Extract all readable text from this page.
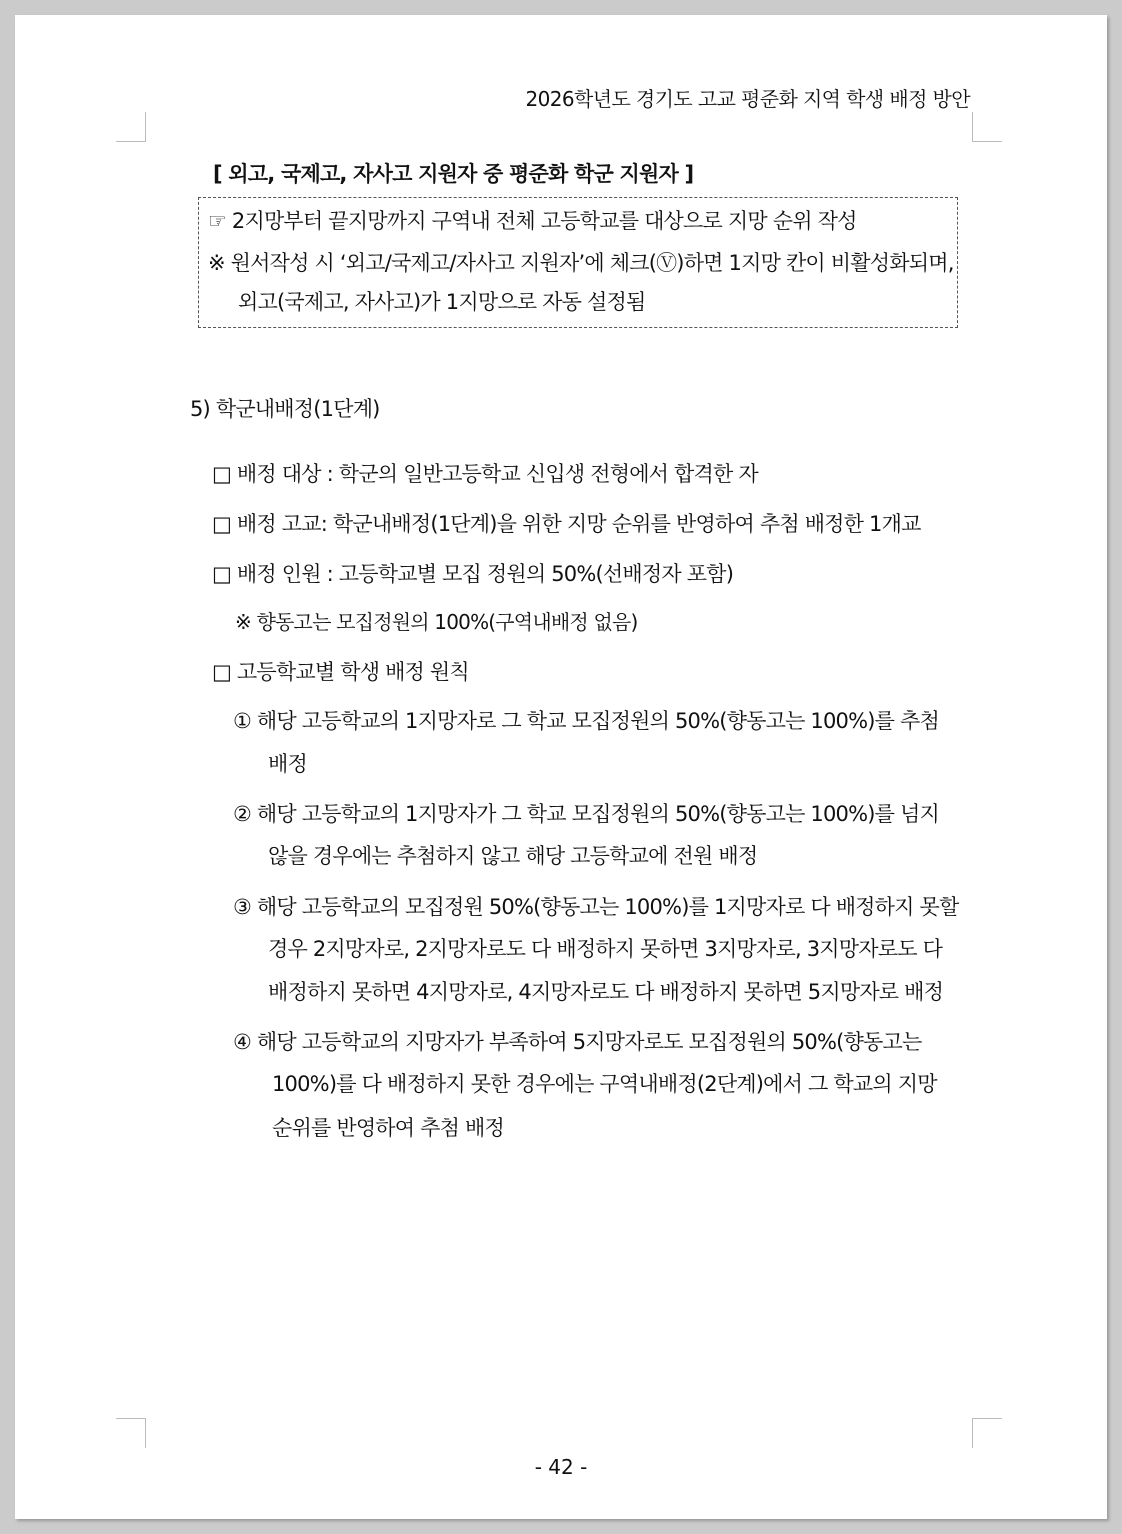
2026학년도 경기도 고교 평준화 지역 학생 배정 방안
[ 외고, 국제고, 자사고 지원자 중 평준화 학군 지원자 ]
☞ 2지망부터 끝지망까지 구역내 전체 고등학교를 대상으로 지망 순위 작성
※ 원서작성 시 ‘외고/국제고/자사고 지원자’에 체크(Ⓥ)하면 1지망 칸이 비활성화되며,
외고(국제고, 자사고)가 1지망으로 자동 설정됨
5) 학군내배정(1단계)
□ 배정 대상 : 학군의 일반고등학교 신입생 전형에서 합격한 자
□ 배정 고교: 학군내배정(1단계)을 위한 지망 순위를 반영하여 추첨 배정한 1개교
□ 배정 인원 : 고등학교별 모집 정원의 50%(선배정자 포함)
※ 향동고는 모집정원의 100%(구역내배정 없음)
□ 고등학교별 학생 배정 원칙
① 해당 고등학교의 1지망자로 그 학교 모집정원의 50%(향동고는 100%)를 추첨
배정
② 해당 고등학교의 1지망자가 그 학교 모집정원의 50%(향동고는 100%)를 넘지
않을 경우에는 추첨하지 않고 해당 고등학교에 전원 배정
③ 해당 고등학교의 모집정원 50%(향동고는 100%)를 1지망자로 다 배정하지 못할
경우 2지망자로, 2지망자로도 다 배정하지 못하면 3지망자로, 3지망자로도 다
배정하지 못하면 4지망자로, 4지망자로도 다 배정하지 못하면 5지망자로 배정
④ 해당 고등학교의 지망자가 부족하여 5지망자로도 모집정원의 50%(향동고는
100%)를 다 배정하지 못한 경우에는 구역내배정(2단계)에서 그 학교의 지망
순위를 반영하여 추첨 배정
- 42 -
